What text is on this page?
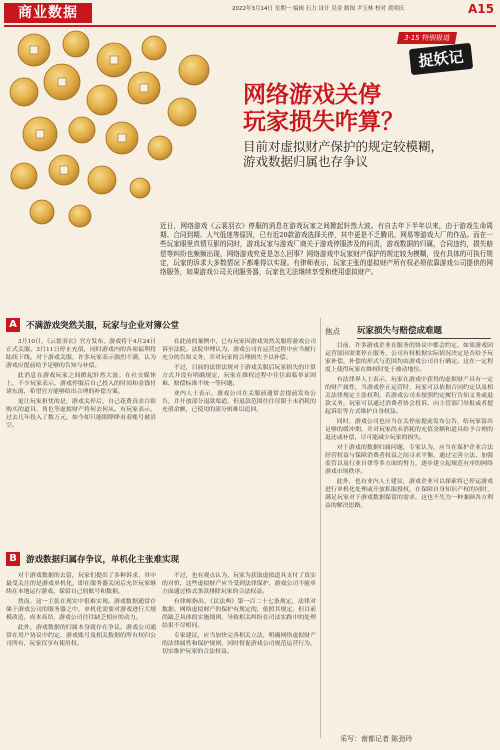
商业数据	2022年3月14日 星期一 编辑 石力 设计 吴金 制图 尹玉林 校对 黄明庆	A15
3·15 特别报道
捉妖记
网络游戏关停
玩家损失咋算？
目前对虚拟财产保护的规定较模糊，
游戏数据归属也存争议
近日，网络游戏《云裳羽衣》停服的消息在游戏玩家之间掀起轩然大波。有自去年下半年以来，由于游戏生命周期、合同到期、人气低迷等原因，已有近20款游戏选择关停，其中更是不乏腾讯、网易等游戏大厂的作品。而在一些玩家眼里真情互影的同时，游戏玩家与游戏厂商关于游戏停服涉及的问责，游戏数据的归属，合同违约，损失赔偿等纠纷也频频出现，网络游戏究竟是怎么回事？网络游戏中玩家财产保护的规定较为模糊，没有具体的可执行规定，玩家的诉求大多数情况下都难得以实现。有律师表示，玩家主张的虚拟财产所有权必须依靠游戏公司提供的网络服务，如果游戏公司关闭服务器，玩家也无法继续享受和使用虚拟财产。
A	不满游戏突然关服，玩家与企业对簿公堂

3月10日，《云裳羽衣》官方发布，游戏将于4月24日正式关服，3月11日停止充值，同时游戏内的各项福利将陆续下线。对于游戏关服，许多玩家表示强烈不满，认为游戏应提前给予足够的告知与补偿。

此消息在游戏玩家之间掀起轩然大波。在社交媒体上，不少玩家表示，游戏停服后自己投入的时间和金钱付诸东流，希望官方能够给出合理的补偿方案。

更让玩家担忧的是，游戏关停后，自己花费真金白银购买的道具、角色等虚拟财产将何去何从。有玩家表示，过去几年投入了数万元，如今却只能眼睁睁看着账号被清空。

在此前的案例中，已有玩家因游戏突然关服将游戏公司诉至法院。法院审理认为，游戏公司在运营过程中应当履行充分的告知义务，并对玩家的合理损失予以补偿。

不过，目前的法律法规对于游戏关服后玩家损失的计算方式并没有明确规定，玩家在维权过程中往往面临举证困难、赔偿标准不统一等问题。

业内人士表示，游戏公司在关服前通常会提前发布公告，并开放部分退款渠道，但退款范围往往仅限于未消耗的充值余额，已使用的部分则难以追回。

B	游戏数据归属存争议，单机化主张难实现

对于游戏数据的去留，玩家们提出了多种诉求，其中最受关注的是游戏单机化，即在服务器关闭后允许玩家继续在本地运行游戏，保留自己的账号和数据。

然而，这一主张在现实中很难实现。游戏数据通常存储于游戏公司的服务器之中，单机化需要对游戏进行大规模改造，成本高昂，游戏公司往往缺乏相应的动力。

此外，游戏数据的归属本身就存在争议。游戏公司通常在用户协议中约定，游戏账号及相关数据的所有权归公司所有，玩家仅享有使用权。

不过，也有观点认为，玩家为获取虚拟道具支付了真实的对价，这些虚拟财产应当受到法律保护，游戏公司不能单方面通过格式条款排除玩家的合法权益。

有律师指出，《民法典》第一百二十七条规定，法律对数据、网络虚拟财产的保护有规定的，依照其规定。但目前尚缺乏具体的实施细则，导致相关纠纷在司法实践中的处理结果不尽相同。

专家建议，应当加快完善相关立法，明确网络虚拟财产的法律属性和保护规则，同时督促游戏公司规范运营行为，切实维护玩家的合法权益。

焦点 玩家损失与赔偿成难题

目前，许多游戏企业在服务的协议中都会约定，如果游戏因运营原因需要停止服务，公司有权根据实际情况决定是否给予玩家补偿，补偿的形式与范围均由游戏公司自行确定。这在一定程度上使得玩家在维权时处于被动地位。

有法律界人士表示，玩家在游戏中获得的虚拟财产具有一定的财产属性，当游戏停止运营时，玩家可以依据合同约定以及相关法律规定主张权利。若游戏公司未按照约定履行告知义务或退款义务，玩家可以通过消费者协会投诉、向主管部门举报或者提起诉讼等方式维护自身权益。

同时，游戏公司也应当在关停前提前发布公告，给玩家留出足够的缓冲期，并对玩家尚未消耗的充值金额和道具给予合理的退还或补偿，尽可能减少玩家的损失。

对于游戏的数据归属问题，专家认为，应当在保护企业合法经营权益与保障消费者权益之间寻求平衡，通过完善立法、加强监管以及行业自律等多方面的努力，逐步建立起规范有序的网络游戏市场秩序。

此外，也有业内人士建议，游戏企业可以探索将已停运游戏进行单机化处理或开放私服授权，在保障自身知识产权的同时，满足玩家对于游戏数据保留的需求，这也不失为一种兼顾各方利益的解决思路。

采写：南都记者 陈劲玲
